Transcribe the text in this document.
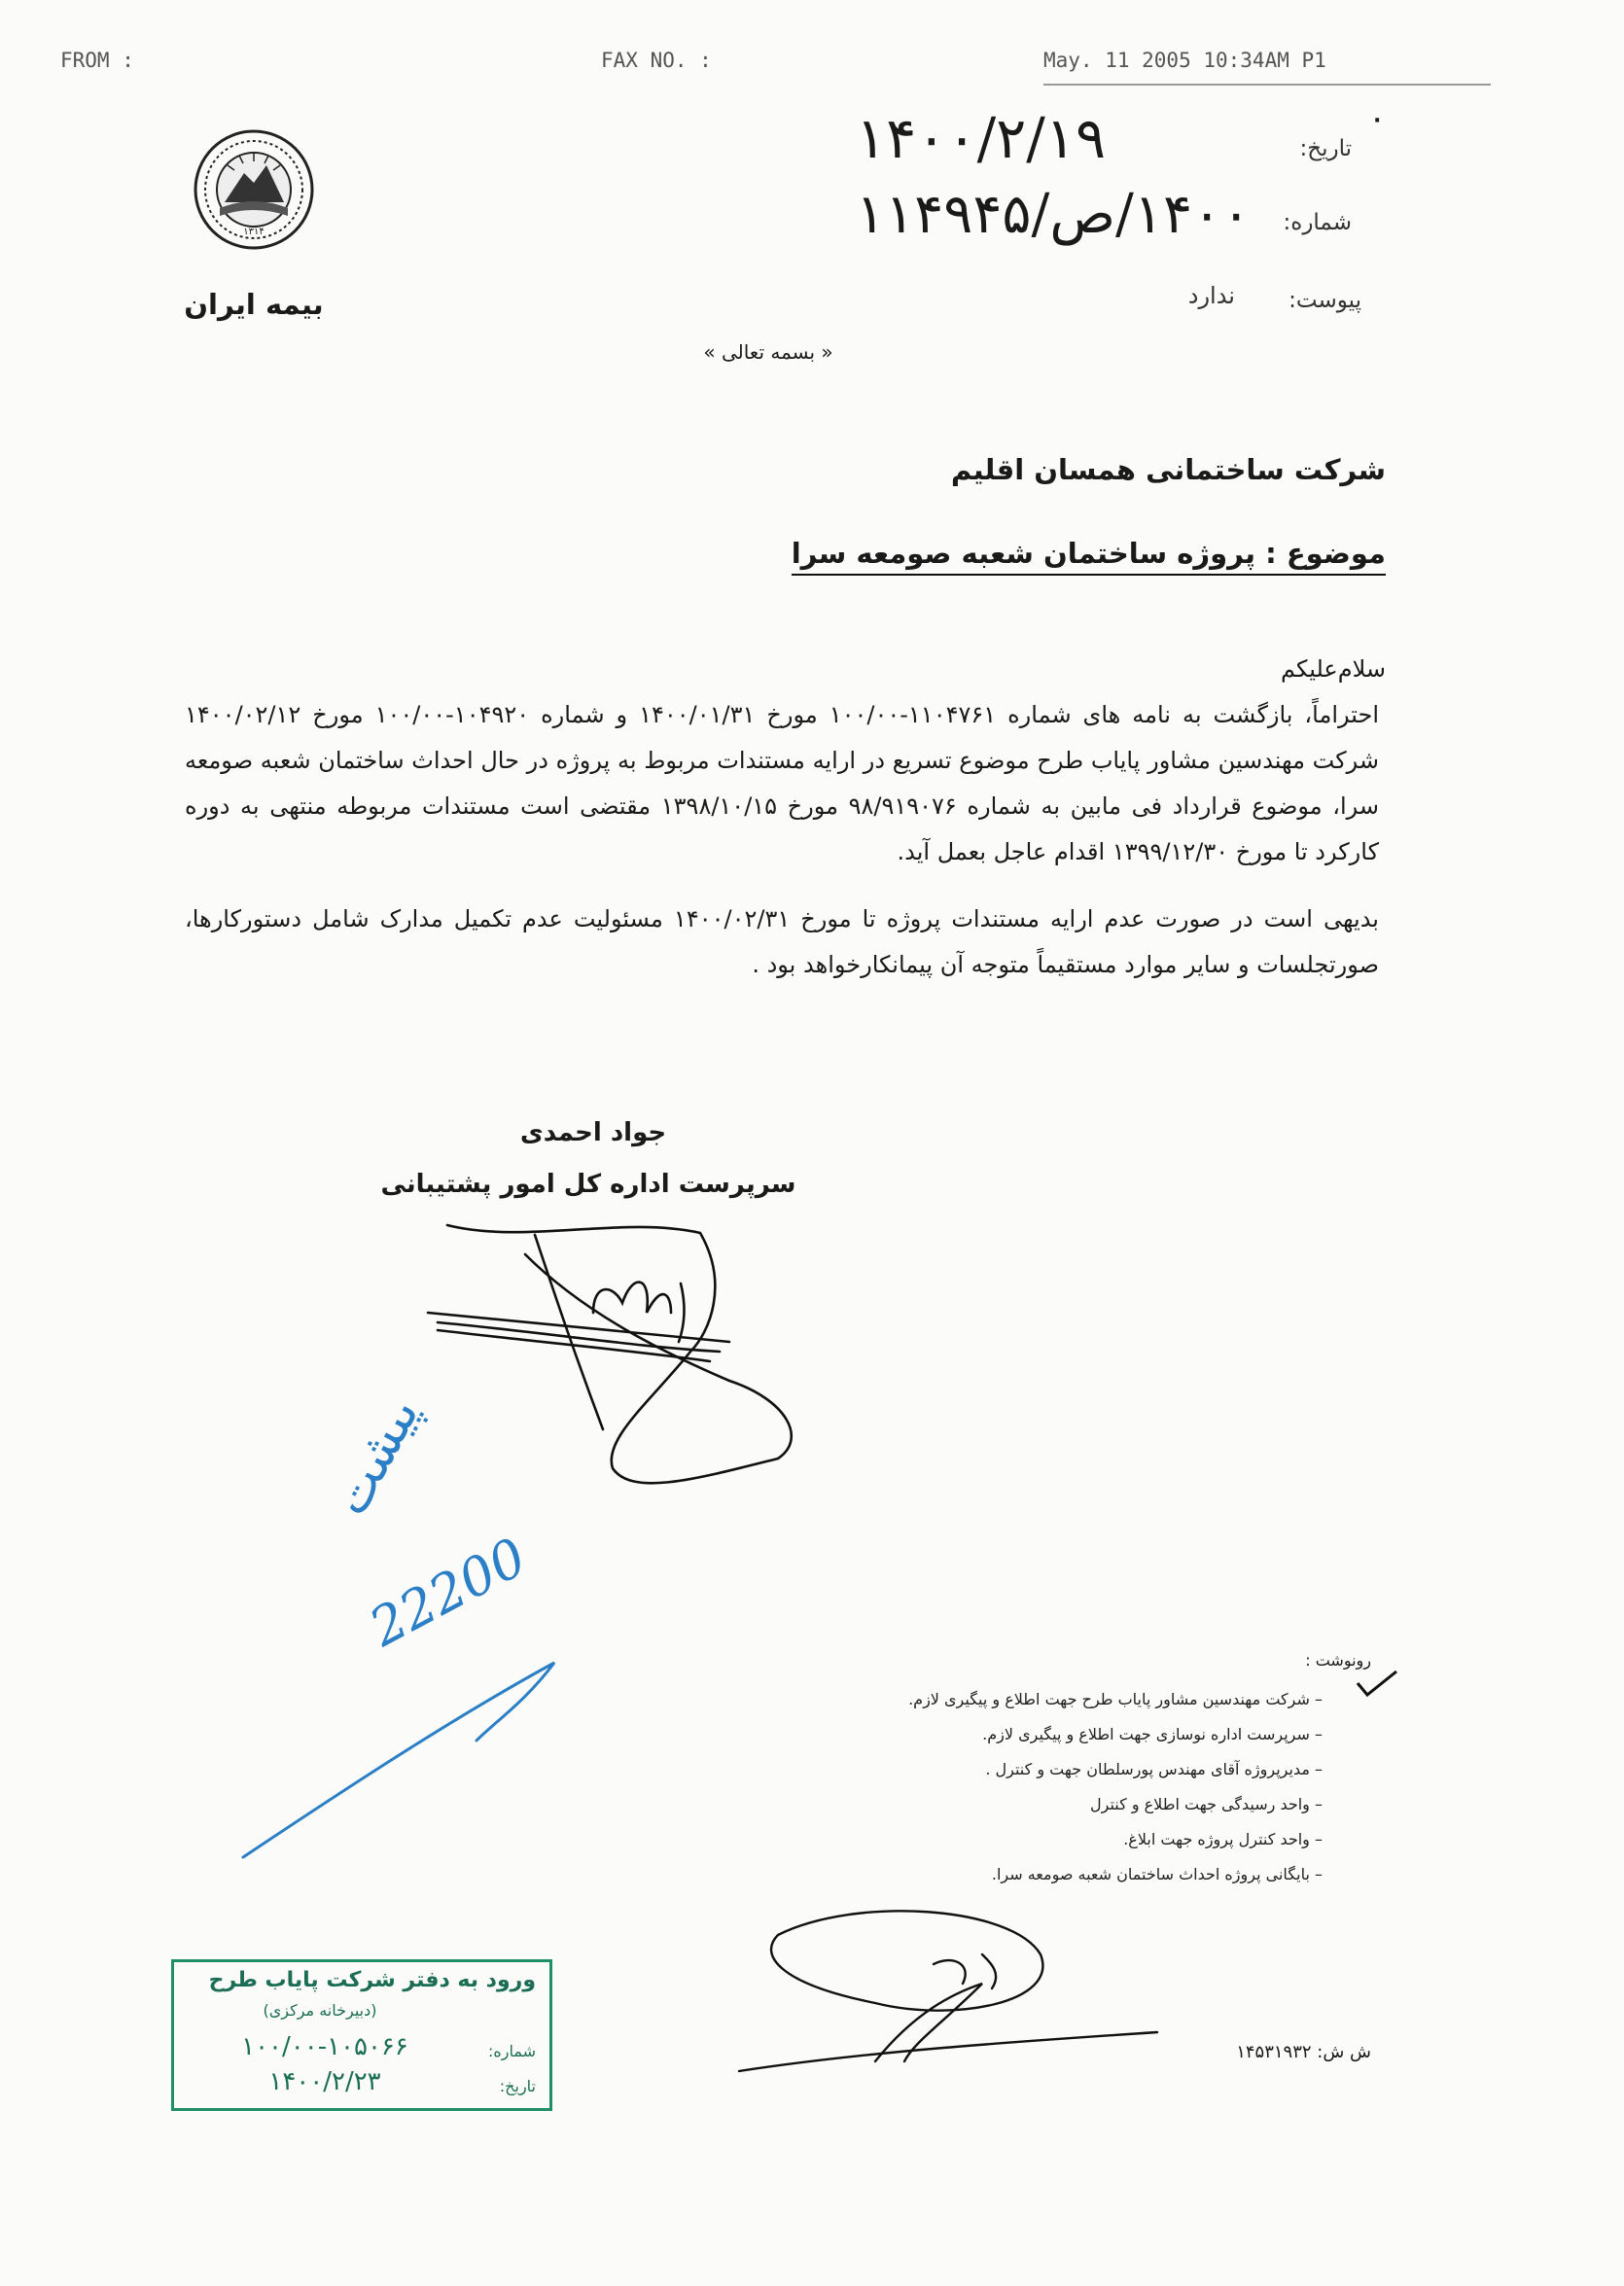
FROM :	FAX NO. :	May. 11 2005 10:34AM P1
۱۳۱۴
بیمه ایران
تاریخ:
۱۴۰۰/۲/۱۹
شماره:
۱۴۰۰/ص/۱۱۴۹۴۵
پیوست:
ندارد
·
« بسمه تعالی »
شرکت ساختمانی همسان اقلیم
موضوع : پروژه ساختمان شعبه صومعه سرا
سلام‌علیکم
احتراماً، بازگشت به نامه های شماره ۱۱۰۴۷۶۱-۱۰۰/۰۰ مورخ ۱۴۰۰/۰۱/۳۱ و شماره ۱۰۴۹۲۰-۱۰۰/۰۰ مورخ ۱۴۰۰/۰۲/۱۲ شرکت مهندسین مشاور پایاب طرح موضوع تسریع در ارایه مستندات مربوط به پروژه در حال احداث ساختمان شعبه صومعه سرا، موضوع قرارداد فی مابین به شماره ۹۸/۹۱۹۰۷۶ مورخ ۱۳۹۸/۱۰/۱۵ مقتضی است مستندات مربوطه منتهی به دوره کارکرد تا مورخ ۱۳۹۹/۱۲/۳۰ اقدام عاجل بعمل آید.
بدیهی است در صورت عدم ارایه مستندات پروژه تا مورخ ۱۴۰۰/۰۲/۳۱ مسئولیت عدم تکمیل مدارک شامل دستورکارها، صورتجلسات و سایر موارد مستقیماً متوجه آن پیمانکارخواهد بود .
جواد احمدی
سرپرست اداره کل امور پشتیبانی
پیشت
22200
رونوشت :
– شرکت مهندسین مشاور پایاب طرح جهت اطلاع و پیگیری لازم.
– سرپرست اداره نوسازی جهت اطلاع و پیگیری لازم.
– مدیرپروژه آقای مهندس پورسلطان جهت و کنترل .
– واحد رسیدگی جهت اطلاع و کنترل
– واحد کنترل پروژه جهت ابلاغ.
– بایگانی پروژه احداث ساختمان شعبه صومعه سرا.
ش ش: ۱۴۵۳۱۹۳۲
ورود به دفتر شرکت پایاب طرح
(دبیرخانه مرکزی)
شماره:
۱۰۰/۰۰-۱۰۵۰۶۶
تاریخ:
۱۴۰۰/۲/۲۳
